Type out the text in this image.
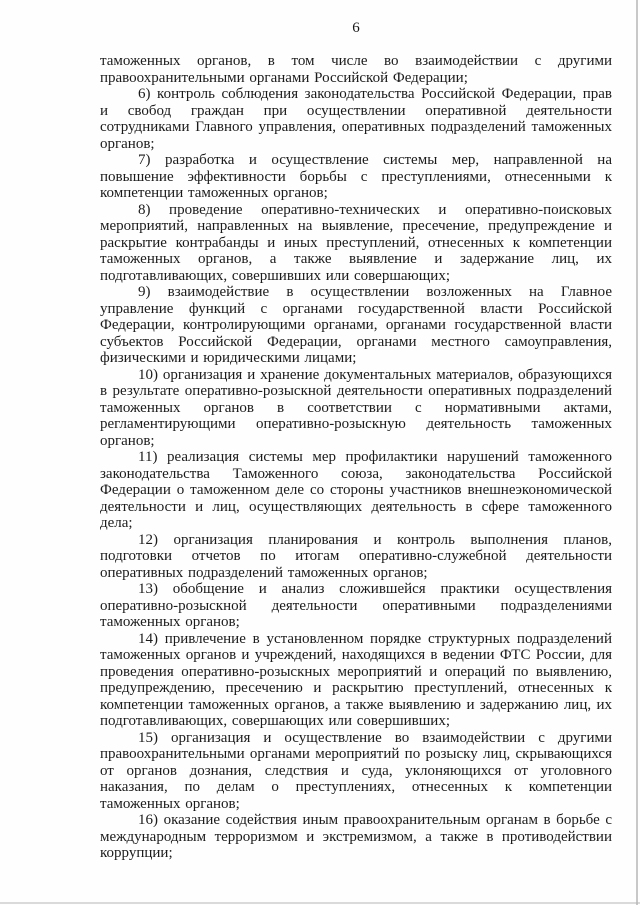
6

таможенных органов, в том числе во взаимодействии с другими правоохранительными органами Российской Федерации;

6) контроль соблюдения законодательства Российской Федерации, прав и свобод граждан при осуществлении оперативной деятельности сотрудниками Главного управления, оперативных подразделений таможенных органов;

7) разработка и осуществление системы мер, направленной на повышение эффективности борьбы с преступлениями, отнесенными к компетенции таможенных органов;

8) проведение оперативно-технических и оперативно-поисковых мероприятий, направленных на выявление, пресечение, предупреждение и раскрытие контрабанды и иных преступлений, отнесенных к компетенции таможенных органов, а также выявление и задержание лиц, их подготавливающих, совершивших или совершающих;

9) взаимодействие в осуществлении возложенных на Главное управление функций с органами государственной власти Российской Федерации, контролирующими органами, органами государственной власти субъектов Российской Федерации, органами местного самоуправления, физическими и юридическими лицами;

10) организация и хранение документальных материалов, образующихся в результате оперативно-розыскной деятельности оперативных подразделений таможенных органов в соответствии с нормативными актами, регламентирующими оперативно-розыскную деятельность таможенных органов;

11) реализация системы мер профилактики нарушений таможенного законодательства Таможенного союза, законодательства Российской Федерации о таможенном деле со стороны участников внешнеэкономической деятельности и лиц, осуществляющих деятельность в сфере таможенного дела;

12) организация планирования и контроль выполнения планов, подготовки отчетов по итогам оперативно-служебной деятельности оперативных подразделений таможенных органов;

13) обобщение и анализ сложившейся практики осуществления оперативно-розыскной деятельности оперативными подразделениями таможенных органов;

14) привлечение в установленном порядке структурных подразделений таможенных органов и учреждений, находящихся в ведении ФТС России, для проведения оперативно-розыскных мероприятий и операций по выявлению, предупреждению, пресечению и раскрытию преступлений, отнесенных к компетенции таможенных органов, а также выявлению и задержанию лиц, их подготавливающих, совершающих или совершивших;

15) организация и осуществление во взаимодействии с другими правоохранительными органами мероприятий по розыску лиц, скрывающихся от органов дознания, следствия и суда, уклоняющихся от уголовного наказания, по делам о преступлениях, отнесенных к компетенции таможенных органов;

16) оказание содействия иным правоохранительным органам в борьбе с международным терроризмом и экстремизмом, а также в противодействии коррупции;
